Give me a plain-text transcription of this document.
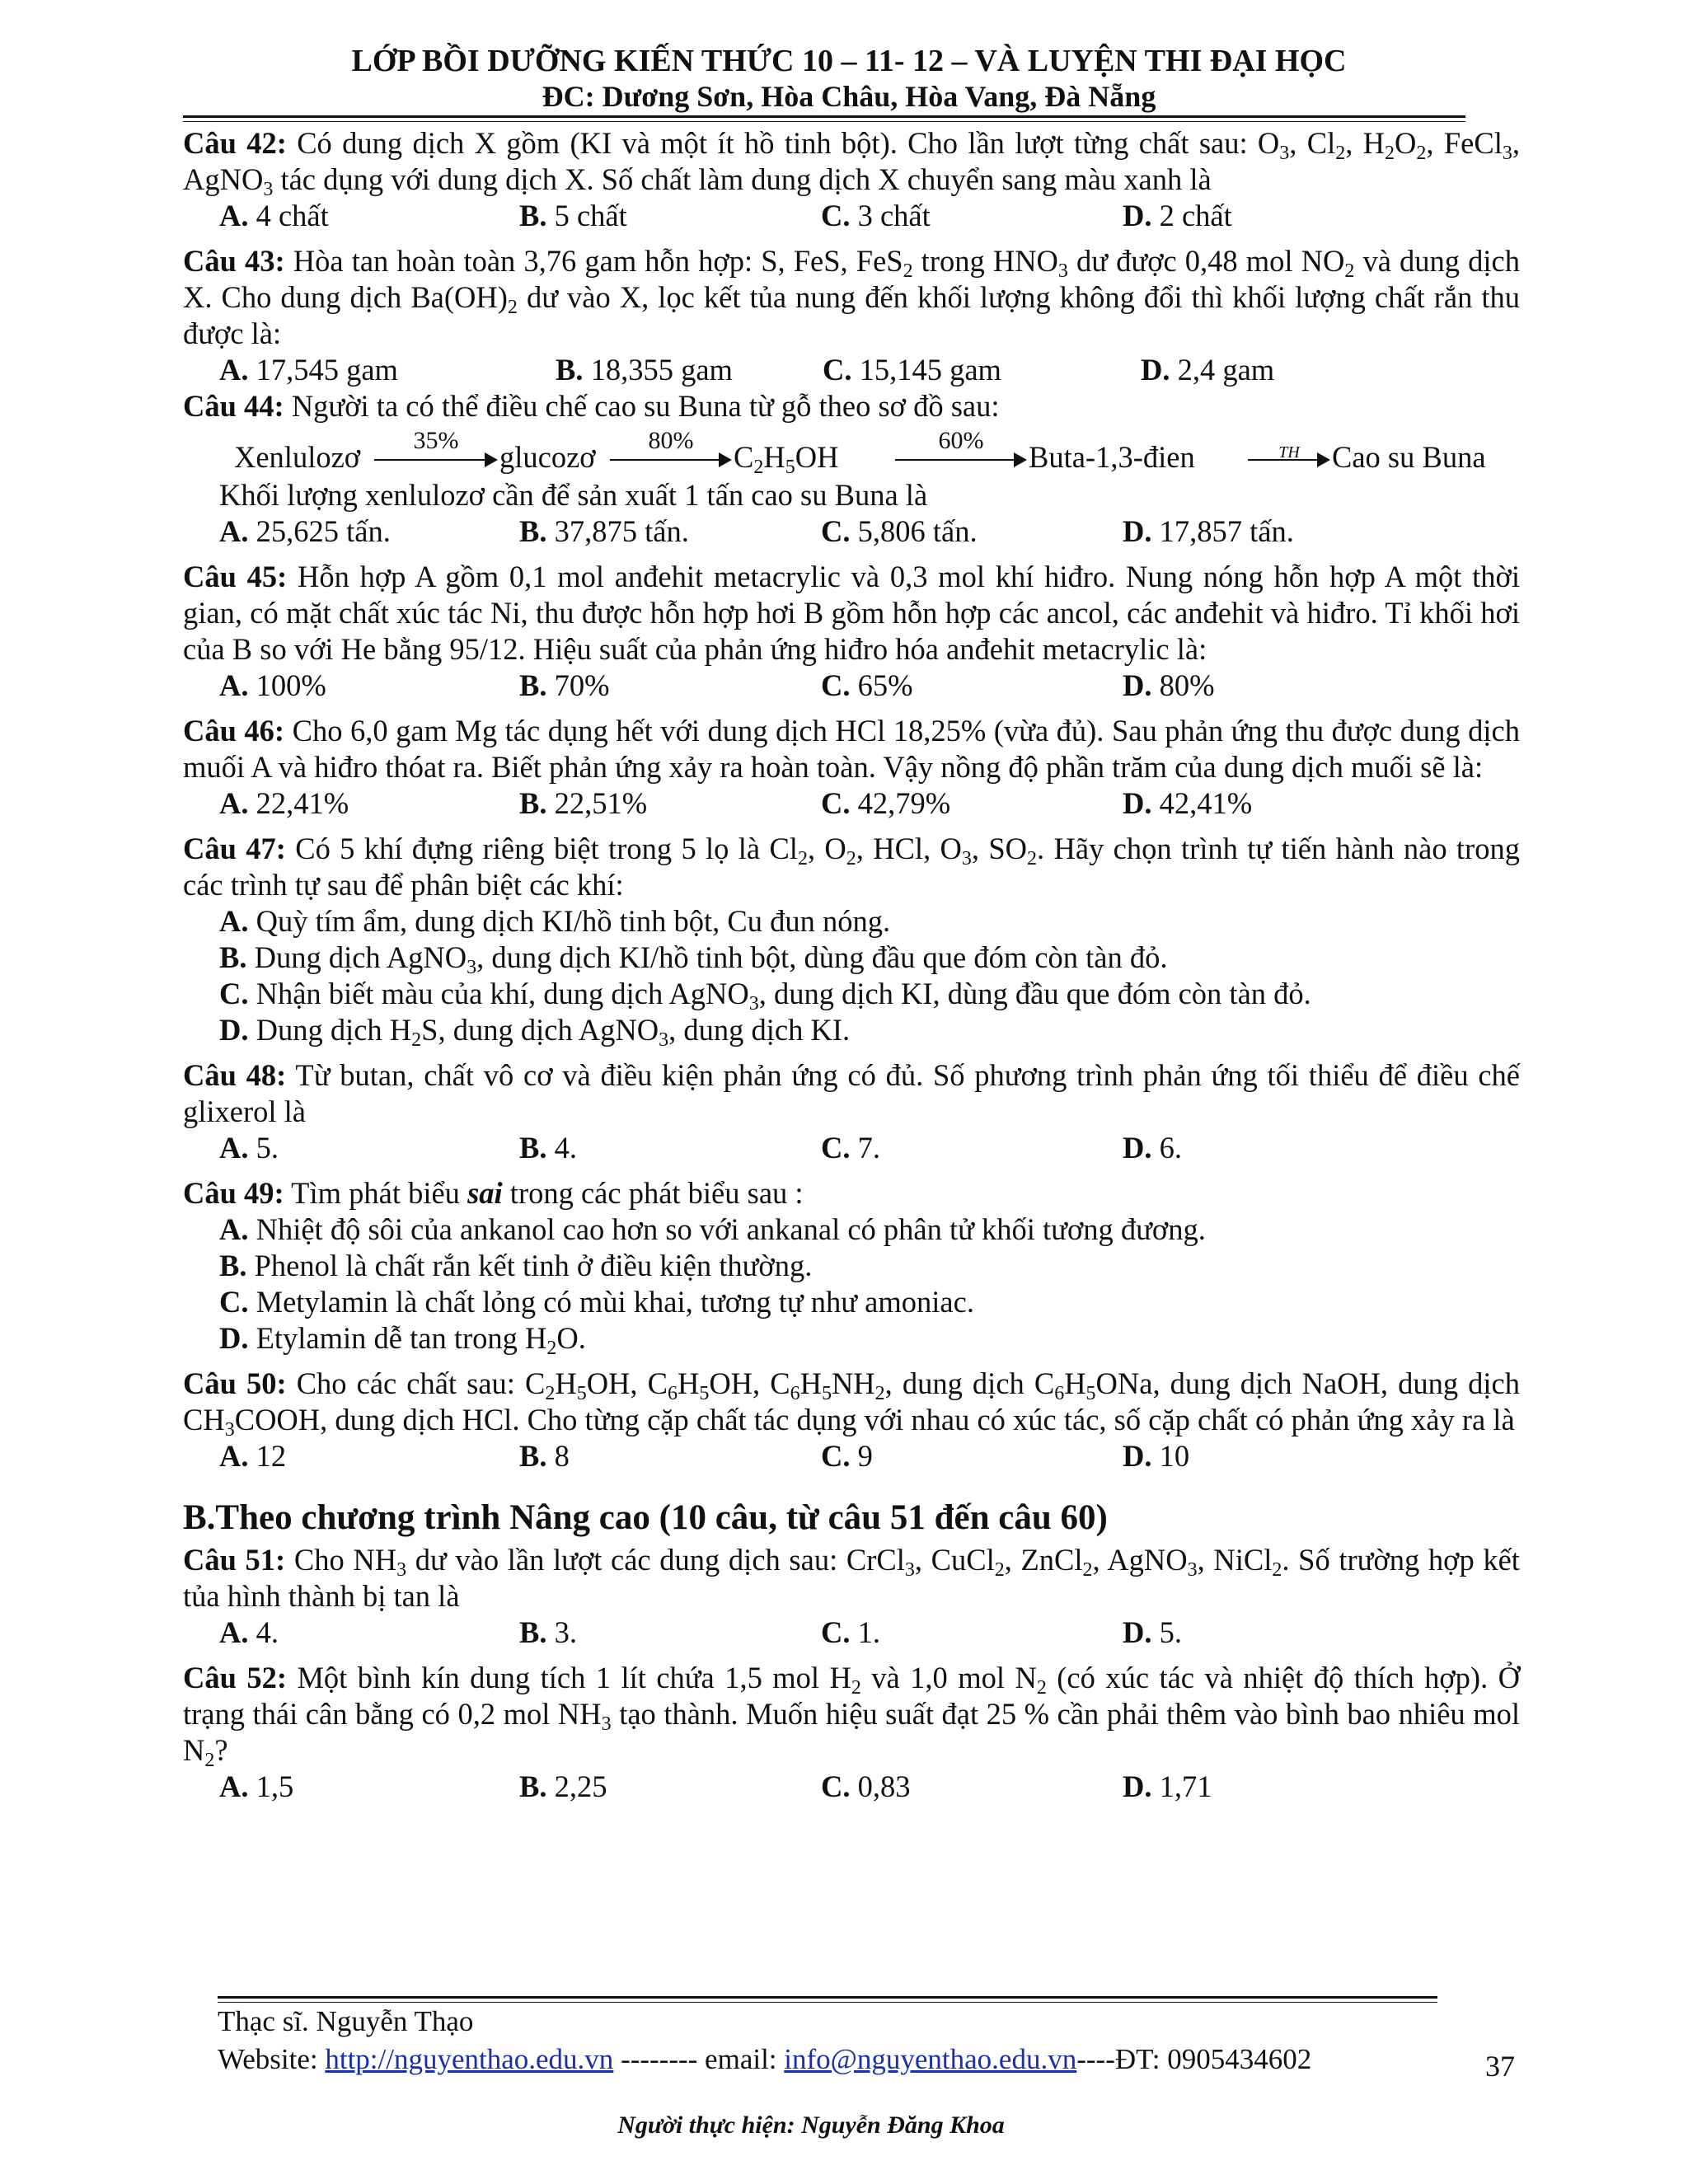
LỚP BỒI DƯỠNG KIẾN THỨC 10 – 11- 12 – VÀ LUYỆN THI ĐẠI HỌC
ĐC: Dương Sơn, Hòa Châu, Hòa Vang, Đà Nẵng

Câu 42: Có dung dịch X gồm (KI và một ít hồ tinh bột). Cho lần lượt từng chất sau: $O_3$, $Cl_2$, $H_2O_2$, FeCl$_3$, AgNO$_3$ tác dụng với dung dịch X. Số chất làm dung dịch X chuyển sang màu xanh là

A. 4 chất	B. 5 chất	C. 3 chất	D. 2 chất

Câu 43: Hòa tan hoàn toàn 3,76 gam hỗn hợp: S, FeS, FeS$_2$ trong $HNO_3$ dư được 0,48 mol $NO_2$ và dung dịch X. Cho dung dịch $Ba(OH)_2$ dư vào X, lọc kết tủa nung đến khối lượng không đổi thì khối lượng chất rắn thu được là:

A. 17,545 gam	B. 18,355 gam	C. 15,145 gam	D. 2,4 gam

Câu 44: Người ta có thể điều chế cao su Buna từ gỗ theo sơ đồ sau:

Xenlulozơ	35%	glucozơ	80%	$C_2H_5OH$	60%	Buta-1,3-đien	TH	Cao su Buna

Khối lượng xenlulozơ cần để sản xuất 1 tấn cao su Buna là

A. 25,625 tấn.	B. 37,875 tấn.	C. 5,806 tấn.	D. 17,857 tấn.

Câu 45: Hỗn hợp A gồm 0,1 mol anđehit metacrylic và 0,3 mol khí hiđro. Nung nóng hỗn hợp A một thời gian, có mặt chất xúc tác Ni, thu được hỗn hợp hơi B gồm hỗn hợp các ancol, các anđehit và hiđro. Tỉ khối hơi của B so với He bằng 95/12. Hiệu suất của phản ứng hiđro hóa anđehit metacrylic là:

A. 100%	B. 70%	C. 65%	D. 80%

Câu 46: Cho 6,0 gam Mg tác dụng hết với dung dịch HCl 18,25% (vừa đủ). Sau phản ứng thu được dung dịch muối A và hiđro thóat ra. Biết phản ứng xảy ra hoàn toàn. Vậy nồng độ phần trăm của dung dịch muối sẽ là:

A. 22,41%	B. 22,51%	C. 42,79%	D. 42,41%

Câu 47: Có 5 khí đựng riêng biệt trong 5 lọ là $Cl_2$, $O_2$, HCl, $O_3$, $SO_2$. Hãy chọn trình tự tiến hành nào trong các trình tự sau để phân biệt các khí:

A. Quỳ tím ẩm, dung dịch KI/hồ tinh bột, Cu đun nóng.
B. Dung dịch AgNO$_3$, dung dịch KI/hồ tinh bột, dùng đầu que đóm còn tàn đỏ.
C. Nhận biết màu của khí, dung dịch AgNO$_3$, dung dịch KI, dùng đầu que đóm còn tàn đỏ.
D. Dung dịch $H_2S$, dung dịch AgNO$_3$, dung dịch KI.

Câu 48: Từ butan, chất vô cơ và điều kiện phản ứng có đủ. Số phương trình phản ứng tối thiểu để điều chế glixerol là

A. 5.	B. 4.	C. 7.	D. 6.

Câu 49: Tìm phát biểu sai trong các phát biểu sau :

A. Nhiệt độ sôi của ankanol cao hơn so với ankanal có phân tử khối tương đương.
B. Phenol là chất rắn kết tinh ở điều kiện thường.
C. Metylamin là chất lỏng có mùi khai, tương tự như amoniac.
D. Etylamin dễ tan trong $H_2O$.

Câu 50: Cho các chất sau: $C_2H_5OH$, $C_6H_5OH$, $C_6H_5NH_2$, dung dịch $C_6H_5ONa$, dung dịch NaOH, dung dịch $CH_3COOH$, dung dịch HCl. Cho từng cặp chất tác dụng với nhau có xúc tác, số cặp chất có phản ứng xảy ra là

A. 12	B. 8	C. 9	D. 10
B.Theo chương trình Nâng cao (10 câu, từ câu 51 đến câu 60)

Câu 51: Cho $NH_3$ dư vào lần lượt các dung dịch sau: CrCl$_3$, CuCl$_2$, ZnCl$_2$, AgNO$_3$, NiCl$_2$. Số trường hợp kết tủa hình thành bị tan là

A. 4.	B. 3.	C. 1.	D. 5.

Câu 52: Một bình kín dung tích 1 lít chứa 1,5 mol $H_2$ và 1,0 mol $N_2$ (có xúc tác và nhiệt độ thích hợp). Ở trạng thái cân bằng có 0,2 mol $NH_3$ tạo thành. Muốn hiệu suất đạt 25 % cần phải thêm vào bình bao nhiêu mol $N_2$?

A. 1,5	B. 2,25	C. 0,83	D. 1,71
Thạc sĩ. Nguyễn Thạo
Website: http://nguyenthao.edu.vn -------- email: info@nguyenthao.edu.vn----ĐT: 0905434602	37
Người thực hiện: Nguyễn Đăng Khoa
